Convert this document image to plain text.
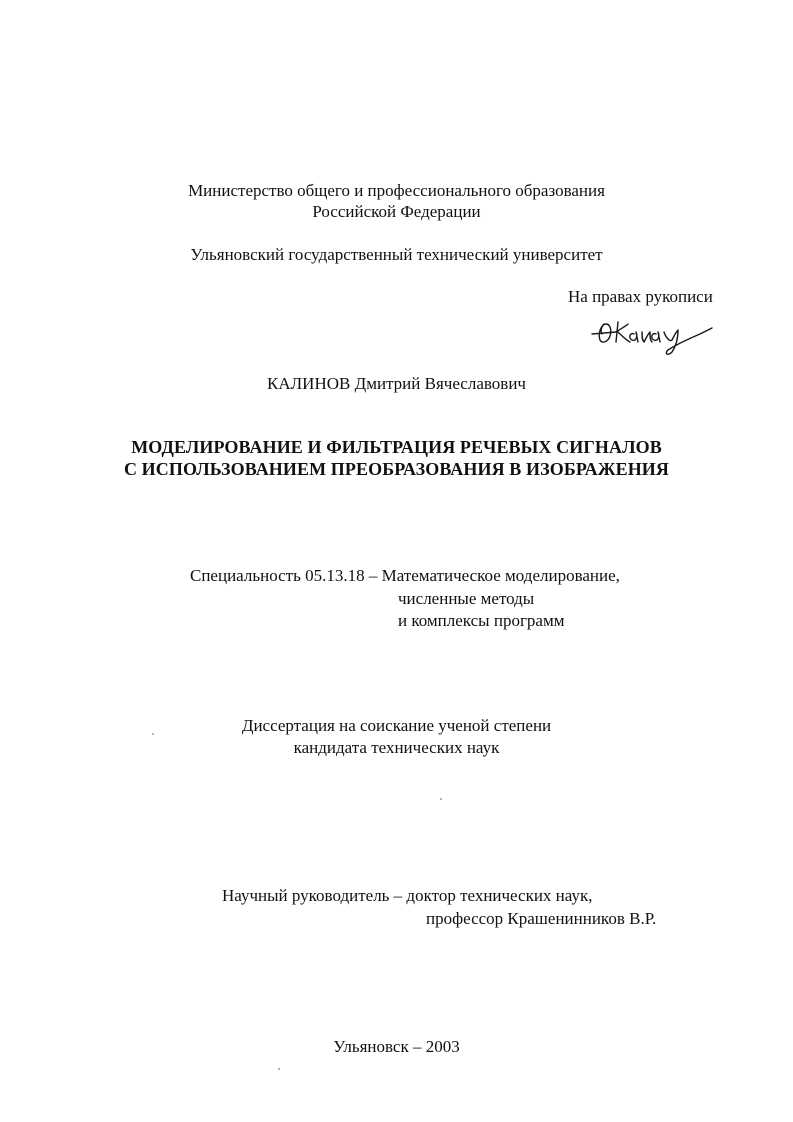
Министерство общего и профессионального образования
Российской Федерации
Ульяновский государственный технический университет
На правах рукописи
КАЛИНОВ Дмитрий Вячеславович
МОДЕЛИРОВАНИЕ И ФИЛЬТРАЦИЯ РЕЧЕВЫХ СИГНАЛОВ
С ИСПОЛЬЗОВАНИЕМ ПРЕОБРАЗОВАНИЯ В ИЗОБРАЖЕНИЯ
Специальность 05.13.18 – Математическое моделирование,
численные методы
и комплексы программ
Диссертация на соискание ученой степени
кандидата технических наук
Научный руководитель – доктор технических наук,
профессор Крашенинников В.Р.
Ульяновск – 2003
